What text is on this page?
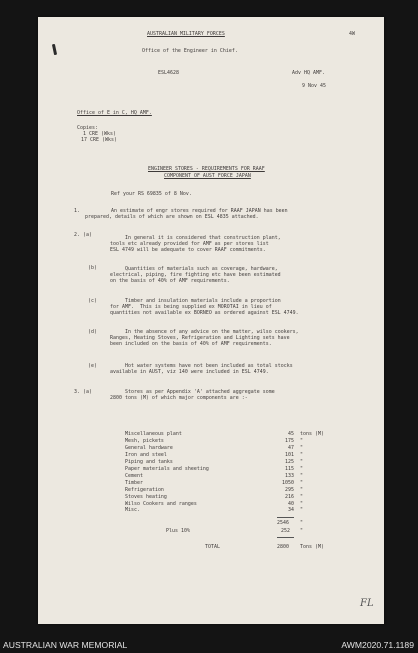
AUSTRALIAN MILITARY FORCES	4W
Office of the Engineer in Chief.
ESL4628	Adv HQ AMF.
9 Nov 45
Office of E in C, HQ AMF.
Copies:
1 CRE (Wks)
17 CRE (Wks)
ENGINEER STORES - REQUIREMENTS FOR RAAF
COMPONENT OF AUST FORCE JAPAN
Ref your RS 69835 of 8 Nov.
1.	An estimate of engr stores required for RAAF JAPAN has been
prepared, details of which are shown on ESL 4835 attached.
2. (a)	In general it is considered that construction plant,
tools etc already provided for AMF as per stores list
ESL 4749 will be adequate to cover RAAF commitments.
(b)	Quantities of materials such as coverage, hardware,
electrical, piping, fire fighting etc have been estimated
on the basis of 40% of AMF requirements.
(c)	Timber and insulation materials include a proportion
for AMF.  This is being supplied ex MOROTAI in lieu of
quantities not available ex BORNEO as ordered against ESL 4749.
(d)	In the absence of any advice on the matter, wilso cookers,
Ranges, Heating Stoves, Refrigeration and Lighting sets have
been included on the basis of 40% of AMF requirements.
(e)	Hot water systems have not been included as total stocks
available in AUST, viz 140 were included in ESL 4749.
3. (a)	Stores as per Appendix 'A' attached aggregate some
2800 tons (M) of which major components are :-
Miscellaneous plant	45 tons (M)
Mesh, pickets	175 "
General hardware	47 "
Iron and steel	101 "
Piping and tanks	125 "
Paper materials and sheeting	115 "
Cement	133 "
Timber	1050 "
Refrigeration	295 "
Stoves heating	216 "
Wilso Cookers and ranges	40 "
Misc.	34 "
2546 "
Plus 10%	252 "
TOTAL	2800 Tons (M)
FL
AUSTRALIAN WAR MEMORIAL	AWM2020.71.1189
